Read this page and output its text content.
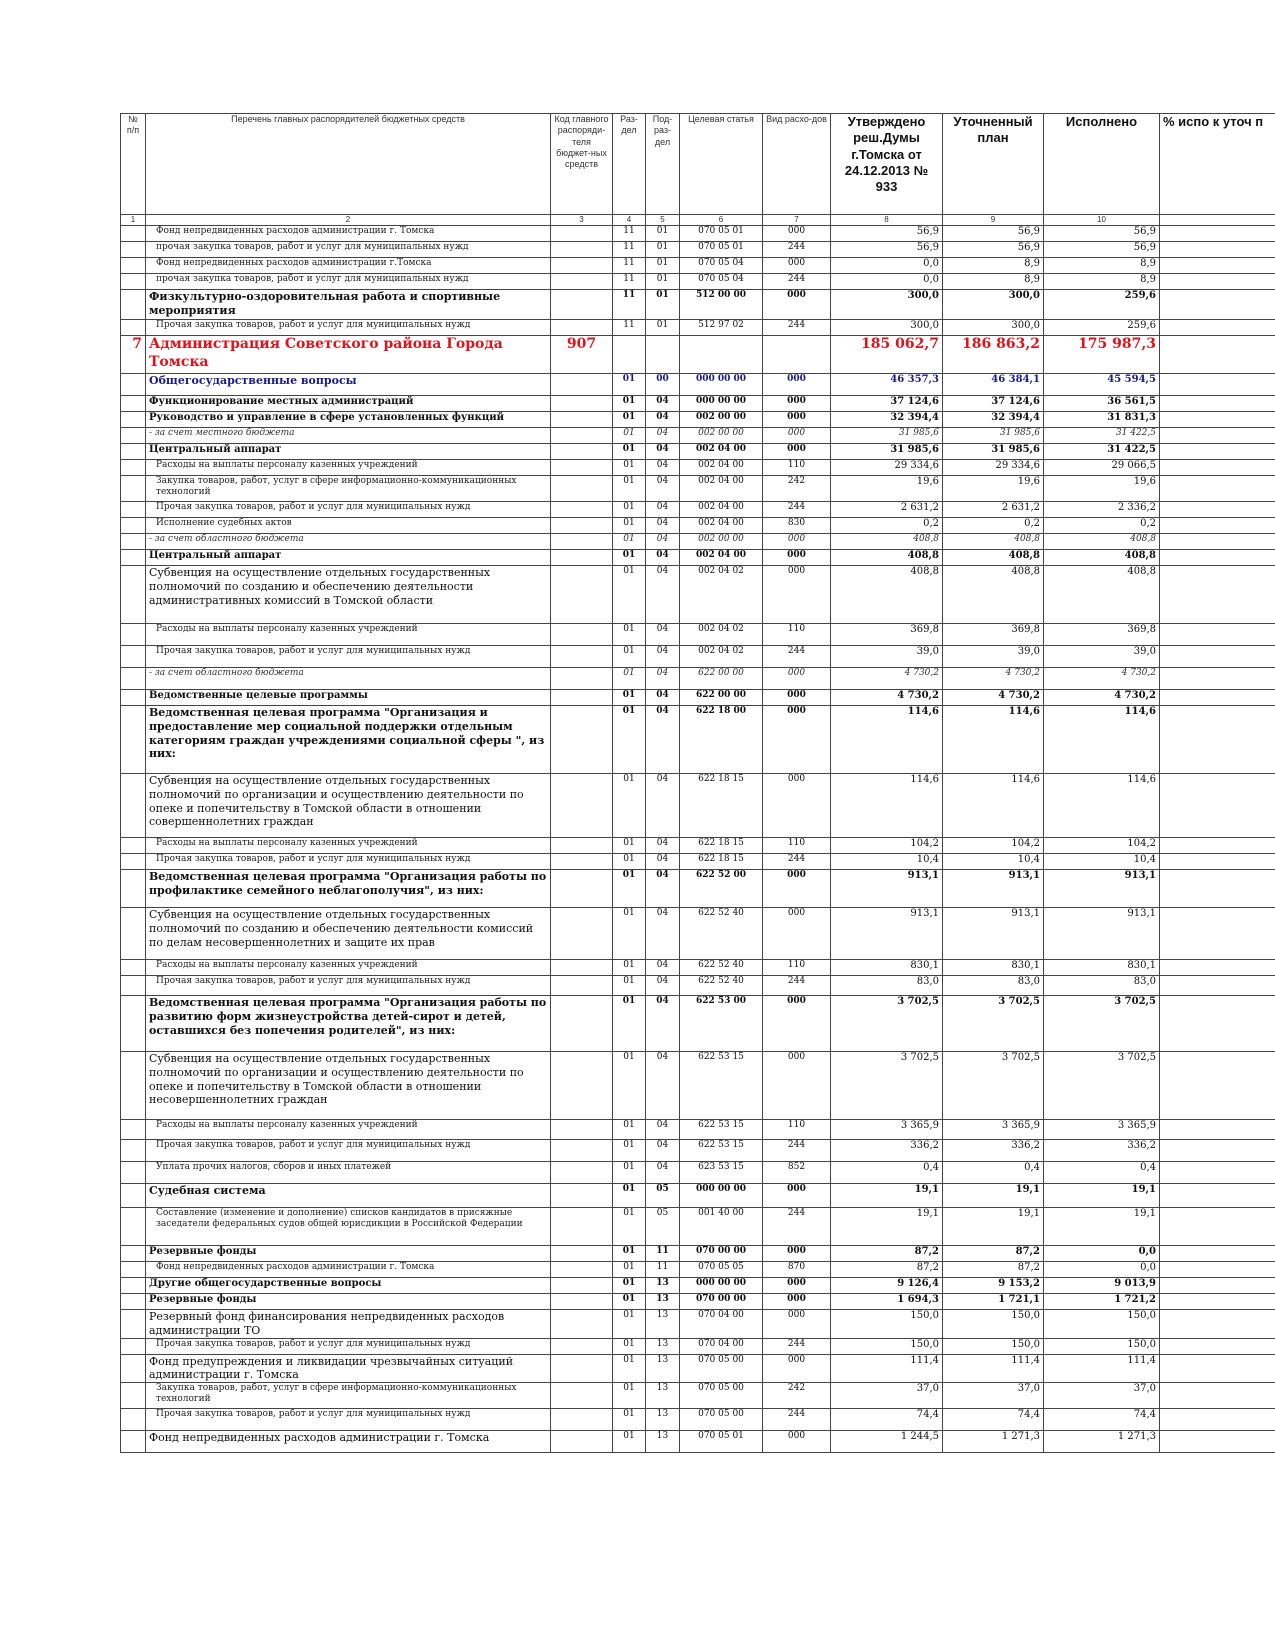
№ п/п	Перечень главных распорядителей бюджетных средств	Код главного распоряди-теля бюджет-ных средств	Раз-дел	Под-раз-дел	Целевая статья	Вид расхо-дов	Утверждено реш.Думы г.Томска от 24.12.2013 № 933	Уточненный план	Исполнено	% испо к уточ п
1	2	3	4	5	6	7	8	9	10	
	Фонд непредвиденных расходов администрации г. Томска		11	01	070 05 01	000	56,9	56,9	56,9	
	прочая закупка товаров, работ и услуг для муниципальных нужд		11	01	070 05 01	244	56,9	56,9	56,9	
	Фонд непредвиденных расходов администрации г.Томска		11	01	070 05 04	000	0,0	8,9	8,9	
	прочая закупка товаров, работ и услуг для муниципальных нужд		11	01	070 05 04	244	0,0	8,9	8,9	
	Физкультурно-оздоровительная работа и спортивные мероприятия		11	01	512 00 00	000	300,0	300,0	259,6	
	Прочая закупка товаров, работ и услуг для муниципальных нужд		11	01	512 97 02	244	300,0	300,0	259,6	
7	Администрация Советского района Города Томска	907					185 062,7	186 863,2	175 987,3	
	Общегосударственные вопросы		01	00	000 00 00	000	46 357,3	46 384,1	45 594,5	
	Функционирование местных администраций		01	04	000 00 00	000	37 124,6	37 124,6	36 561,5	
	Руководство и управление в сфере установленных функций		01	04	002 00 00	000	32 394,4	32 394,4	31 831,3	
	- за счет местного бюджета		01	04	002 00 00	000	31 985,6	31 985,6	31 422,5	
	Центральный аппарат		01	04	002 04 00	000	31 985,6	31 985,6	31 422,5	
	Расходы на выплаты персоналу казенных учреждений		01	04	002 04 00	110	29 334,6	29 334,6	29 066,5	
	Закупка товаров, работ, услуг в сфере информационно-коммуникационных технологий		01	04	002 04 00	242	19,6	19,6	19,6	
	Прочая закупка товаров, работ и услуг для муниципальных нужд		01	04	002 04 00	244	2 631,2	2 631,2	2 336,2	
	Исполнение судебных актов		01	04	002 04 00	830	0,2	0,2	0,2	
	- за счет областного бюджета		01	04	002 00 00	000	408,8	408,8	408,8	
	Центральный аппарат		01	04	002 04 00	000	408,8	408,8	408,8	
	Субвенция на осуществление отдельных государственных полномочий по созданию и обеспечению деятельности административных комиссий в Томской области		01	04	002 04 02	000	408,8	408,8	408,8	
	Расходы на выплаты персоналу казенных учреждений		01	04	002 04 02	110	369,8	369,8	369,8	
	Прочая закупка товаров, работ и услуг для муниципальных нужд		01	04	002 04 02	244	39,0	39,0	39,0	
	- за счет областного бюджета		01	04	622 00 00	000	4 730,2	4 730,2	4 730,2	
	Ведомственные целевые программы		01	04	622 00 00	000	4 730,2	4 730,2	4 730,2	
	Ведомственная целевая программа "Организация и предоставление мер социальной поддержки отдельным категориям граждан учреждениями социальной сферы ", из них:		01	04	622 18 00	000	114,6	114,6	114,6	
	Субвенция на осуществление отдельных государственных полномочий по организации и осуществлению деятельности по опеке и попечительству в Томской области в отношении совершеннолетних граждан		01	04	622 18 15	000	114,6	114,6	114,6	
	Расходы на выплаты персоналу казенных учреждений		01	04	622 18 15	110	104,2	104,2	104,2	
	Прочая закупка товаров, работ и услуг для муниципальных нужд		01	04	622 18 15	244	10,4	10,4	10,4	
	Ведомственная целевая программа "Организация работы по профилактике семейного неблагополучия", из них:		01	04	622 52 00	000	913,1	913,1	913,1	
	Субвенция на осуществление отдельных государственных полномочий по созданию и обеспечению деятельности комиссий по делам несовершеннолетних и защите их прав		01	04	622 52 40	000	913,1	913,1	913,1	
	Расходы на выплаты персоналу казенных учреждений		01	04	622 52 40	110	830,1	830,1	830,1	
	Прочая закупка товаров, работ и услуг для муниципальных нужд		01	04	622 52 40	244	83,0	83,0	83,0	
	Ведомственная целевая программа "Организация работы по развитию форм жизнеустройства детей-сирот и детей, оставшихся без попечения родителей", из них:		01	04	622 53 00	000	3 702,5	3 702,5	3 702,5	
	Субвенция на осуществление отдельных государственных полномочий по организации и осуществлению деятельности по опеке и попечительству в Томской области в отношении несовершеннолетних граждан		01	04	622 53 15	000	3 702,5	3 702,5	3 702,5	
	Расходы на выплаты персоналу казенных учреждений		01	04	622 53 15	110	3 365,9	3 365,9	3 365,9	
	Прочая закупка товаров, работ и услуг для муниципальных нужд		01	04	622 53 15	244	336,2	336,2	336,2	
	Уплата прочих налогов, сборов и иных платежей		01	04	623 53 15	852	0,4	0,4	0,4	
	Судебная система		01	05	000 00 00	000	19,1	19,1	19,1	
	Составление (изменение и дополнение) списков кандидатов в присяжные заседатели федеральных судов общей юрисдикции в Российской Федерации		01	05	001 40 00	244	19,1	19,1	19,1	
	Резервные фонды		01	11	070 00 00	000	87,2	87,2	0,0	
	Фонд непредвиденных расходов администрации г. Томска		01	11	070 05 05	870	87,2	87,2	0,0	
	Другие общегосударственные вопросы		01	13	000 00 00	000	9 126,4	9 153,2	9 013,9	
	Резервные фонды		01	13	070 00 00	000	1 694,3	1 721,1	1 721,2	
	Резервный фонд финансирования непредвиденных расходов администрации ТО		01	13	070 04 00	000	150,0	150,0	150,0	
	Прочая закупка товаров, работ и услуг для муниципальных нужд		01	13	070 04 00	244	150,0	150,0	150,0	
	Фонд предупреждения и ликвидации чрезвычайных ситуаций администрации г. Томска		01	13	070 05 00	000	111,4	111,4	111,4	
	Закупка товаров, работ, услуг в сфере информационно-коммуникационных технологий		01	13	070 05 00	242	37,0	37,0	37,0	
	Прочая закупка товаров, работ и услуг для муниципальных нужд		01	13	070 05 00	244	74,4	74,4	74,4	
	Фонд непредвиденных расходов администрации г. Томска		01	13	070 05 01	000	1 244,5	1 271,3	1 271,3	
